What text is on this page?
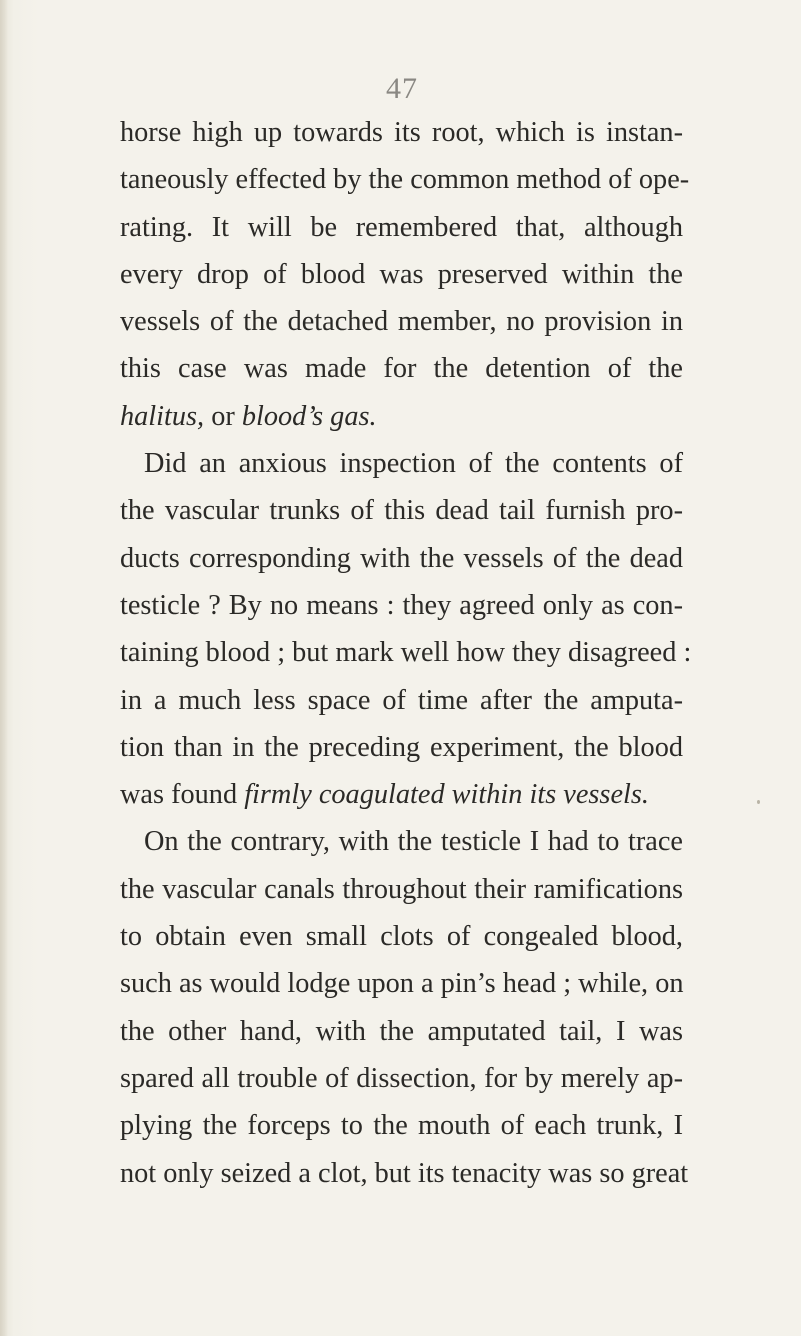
47
horse high up towards its root, which is instan-
taneously effected by the common method of ope-
rating. It will be remembered that, although
every drop of blood was preserved within the
vessels of the detached member, no provision in
this case was made for the detention of the
halitus, or blood’s gas.
Did an anxious inspection of the contents of
the vascular trunks of this dead tail furnish pro-
ducts corresponding with the vessels of the dead
testicle ? By no means : they agreed only as con-
taining blood ; but mark well how they disagreed :
in a much less space of time after the amputa-
tion than in the preceding experiment, the blood
was found firmly coagulated within its vessels.
On the contrary, with the testicle I had to trace
the vascular canals throughout their ramifications
to obtain even small clots of congealed blood,
such as would lodge upon a pin’s head ; while, on
the other hand, with the amputated tail, I was
spared all trouble of dissection, for by merely ap-
plying the forceps to the mouth of each trunk, I
not only seized a clot, but its tenacity was so great
